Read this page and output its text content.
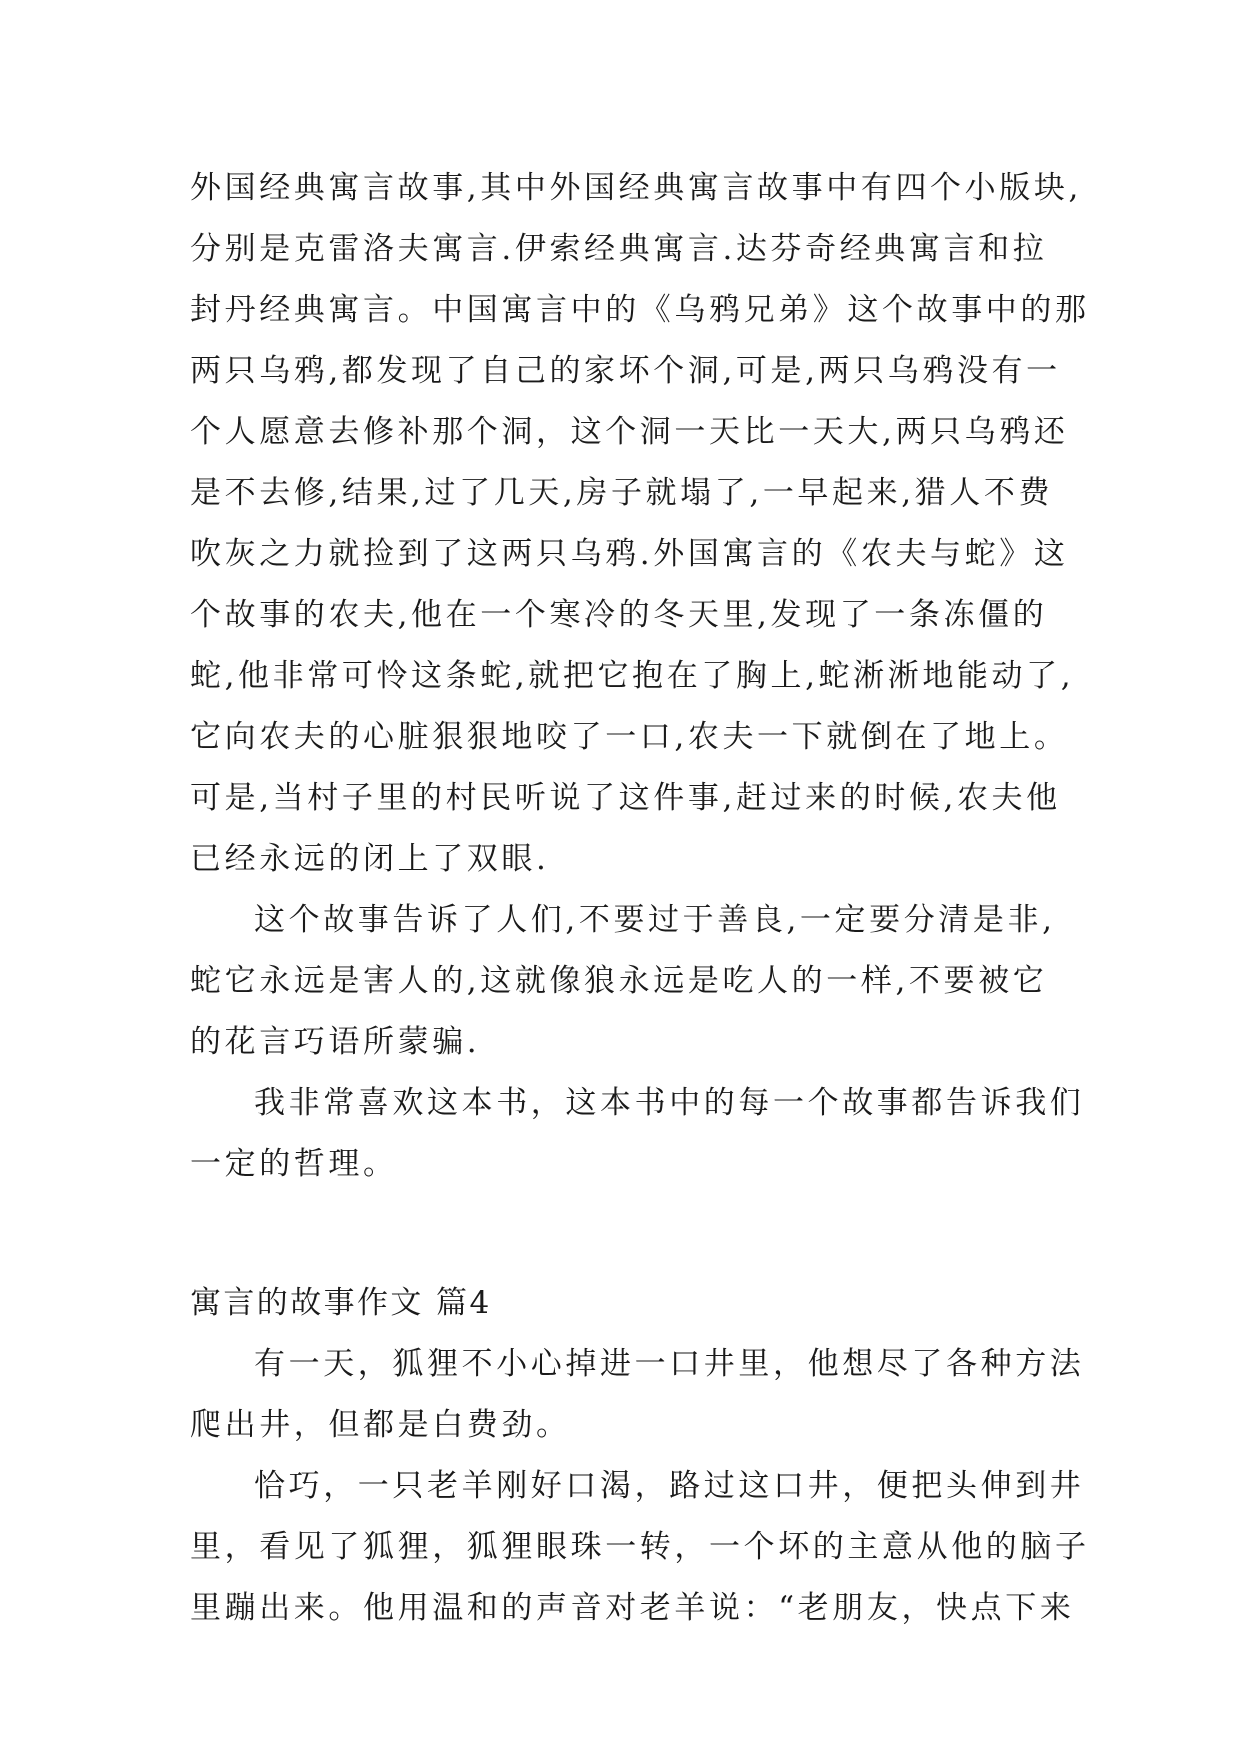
外国经典寓言故事,其中外国经典寓言故事中有四个小版块,
分别是克雷洛夫寓言.伊索经典寓言.达芬奇经典寓言和拉
封丹经典寓言。中国寓言中的《乌鸦兄弟》这个故事中的那
两只乌鸦,都发现了自己的家坏个洞,可是,两只乌鸦没有一
个人愿意去修补那个洞，这个洞一天比一天大,两只乌鸦还
是不去修,结果,过了几天,房子就塌了,一早起来,猎人不费
吹灰之力就捡到了这两只乌鸦.外国寓言的《农夫与蛇》这
个故事的农夫,他在一个寒冷的冬天里,发现了一条冻僵的
蛇,他非常可怜这条蛇,就把它抱在了胸上,蛇淅淅地能动了,
它向农夫的心脏狠狠地咬了一口,农夫一下就倒在了地上。
可是,当村子里的村民听说了这件事,赶过来的时候,农夫他
已经永远的闭上了双眼.
这个故事告诉了人们,不要过于善良,一定要分清是非,
蛇它永远是害人的,这就像狼永远是吃人的一样,不要被它
的花言巧语所蒙骗.
我非常喜欢这本书，这本书中的每一个故事都告诉我们
一定的哲理。
寓言的故事作文 篇4
有一天，狐狸不小心掉进一口井里，他想尽了各种方法
爬出井，但都是白费劲。
恰巧，一只老羊刚好口渴，路过这口井，便把头伸到井
里，看见了狐狸，狐狸眼珠一转，一个坏的主意从他的脑子
里蹦出来。他用温和的声音对老羊说：“老朋友，快点下来
